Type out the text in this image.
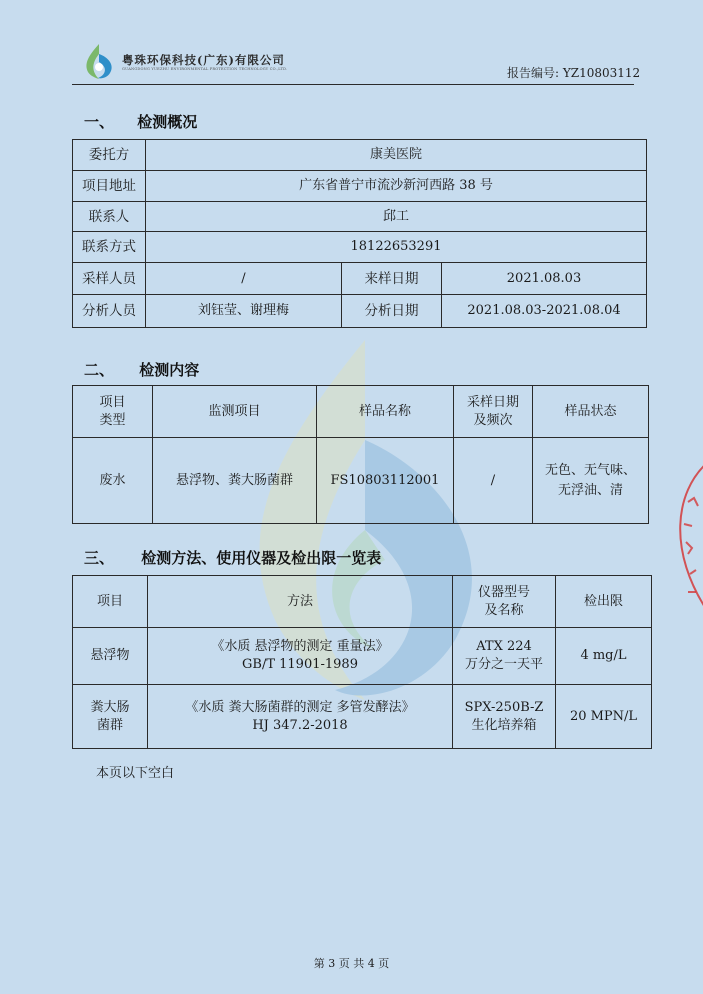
粤珠环保科技(广东)有限公司
GUANGDONG YUEZHU ENVIRONMENTAL PROTECTION TECHNOLOGY CO.,LTD.	报告编号: YZ10803112
一、 检测概况
委托方	康美医院		
项目地址	广东省普宁市流沙新河西路 38 号		
联系人	邱工		
联系方式	18122653291		
采样人员	/	来样日期	2021.08.03
分析人员	刘钰莹、谢理梅	分析日期	2021.08.03-2021.08.04
二、 检测内容
项目
类型	监测项目	样品名称	采样日期
及频次	样品状态
废水	悬浮物、粪大肠菌群	FS10803112001	/	无色、无气味、
无浮油、清
三、 检测方法、使用仪器及检出限一览表
项目	方法	仪器型号
及名称	检出限
悬浮物	《水质 悬浮物的测定 重量法》
GB/T 11901-1989	ATX 224
万分之一天平	4 mg/L
粪大肠
菌群	《水质 粪大肠菌群的测定 多管发酵法》
HJ 347.2-2018	SPX-250B-Z
生化培养箱	20 MPN/L
本页以下空白
第 3 页 共 4 页
